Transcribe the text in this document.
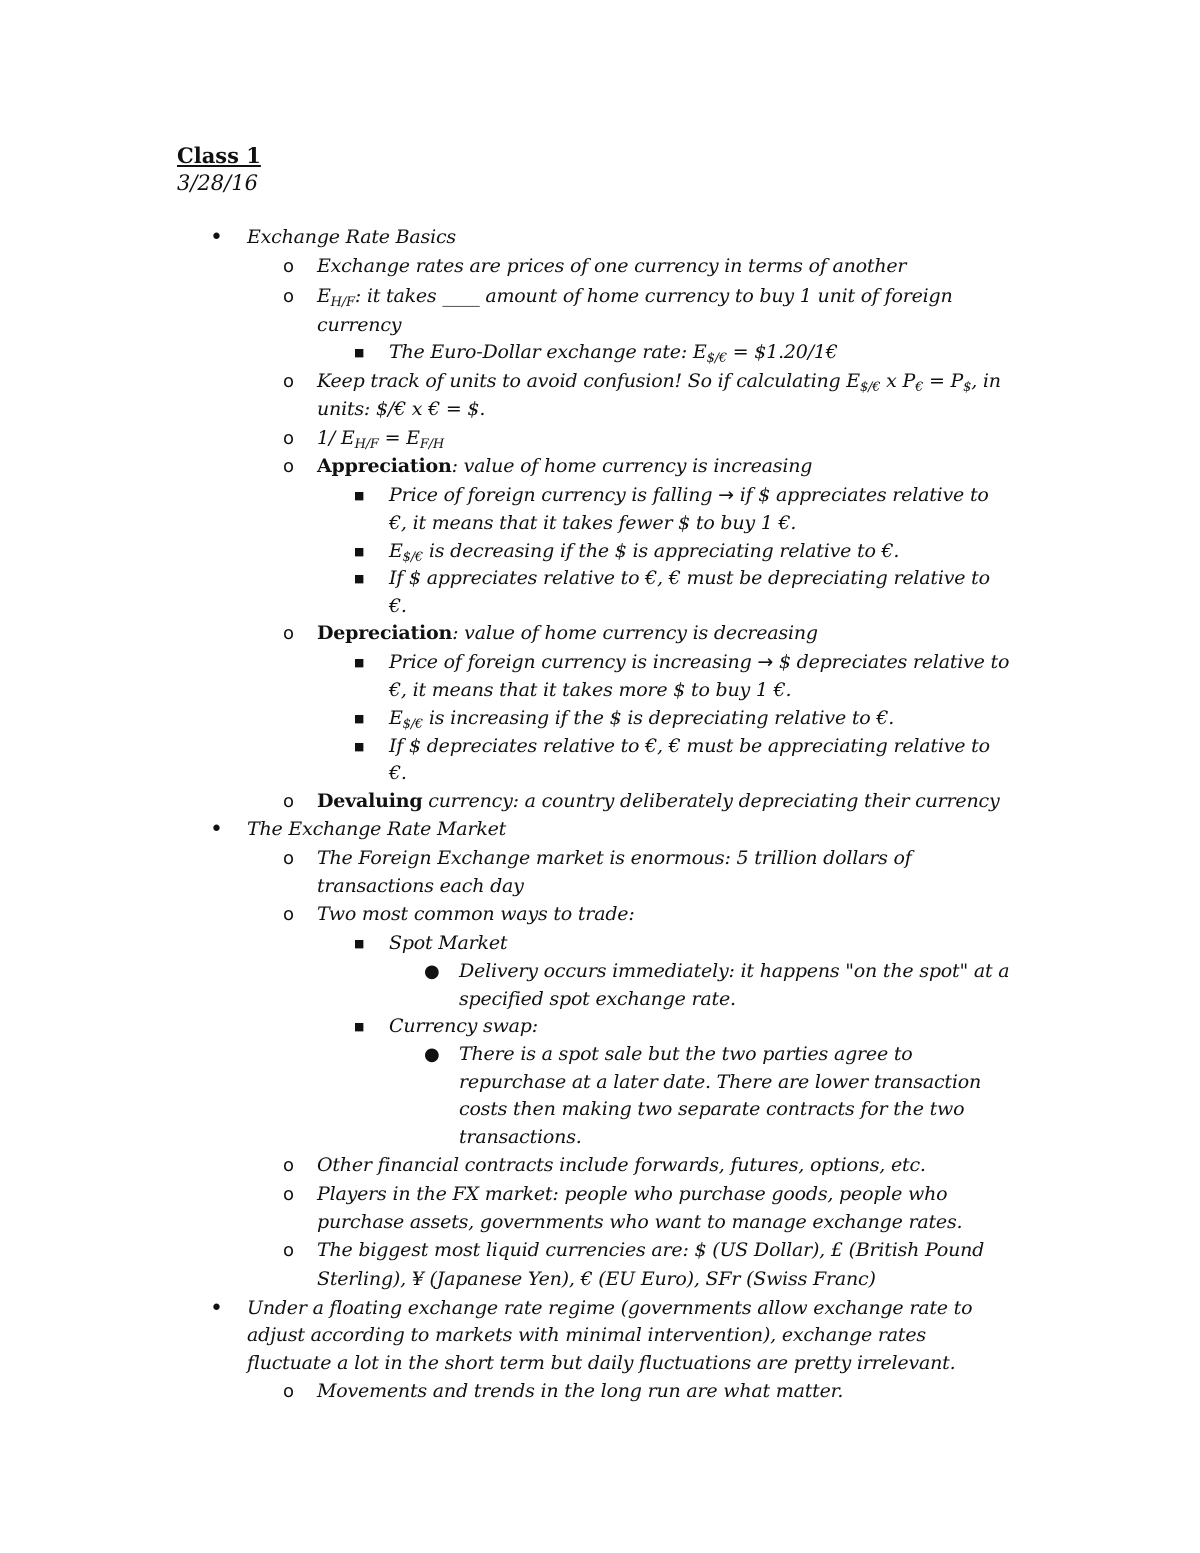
Class 1
3/28/16
• Exchange Rate Basics
o Exchange rates are prices of one currency in terms of another
o $E_{H/F}$: it takes ____ amount of home currency to buy 1 unit of foreign
currency
■ The Euro-Dollar exchange rate: $E_{\$/€}$ = $1.20/1€
o Keep track of units to avoid confusion! So if calculating $E_{\$/€}$ x $P_€ = P_{\$}$, in
units: $/€ x € = $.
o 1/ $E_{H/F} = E_{F/H}$
o Appreciation: value of home currency is increasing
■ Price of foreign currency is falling → if $ appreciates relative to
€, it means that it takes fewer $ to buy 1 €.
■ $E_{\$/€}$ is decreasing if the $ is appreciating relative to €.
■ If $ appreciates relative to €, € must be depreciating relative to
€.
o Depreciation: value of home currency is decreasing
■ Price of foreign currency is increasing → $ depreciates relative to
€, it means that it takes more $ to buy 1 €.
■ $E_{\$/€}$ is increasing if the $ is depreciating relative to €.
■ If $ depreciates relative to €, € must be appreciating relative to
€.
o Devaluing currency: a country deliberately depreciating their currency
• The Exchange Rate Market
o The Foreign Exchange market is enormous: 5 trillion dollars of
transactions each day
o Two most common ways to trade:
■ Spot Market
● Delivery occurs immediately: it happens "on the spot" at a
specified spot exchange rate.
■ Currency swap:
● There is a spot sale but the two parties agree to
repurchase at a later date. There are lower transaction
costs then making two separate contracts for the two
transactions.
o Other financial contracts include forwards, futures, options, etc.
o Players in the FX market: people who purchase goods, people who
purchase assets, governments who want to manage exchange rates.
o The biggest most liquid currencies are: $ (US Dollar), £ (British Pound
Sterling), ¥ (Japanese Yen), € (EU Euro), SFr (Swiss Franc)
• Under a floating exchange rate regime (governments allow exchange rate to
adjust according to markets with minimal intervention), exchange rates
fluctuate a lot in the short term but daily fluctuations are pretty irrelevant.
o Movements and trends in the long run are what matter.
